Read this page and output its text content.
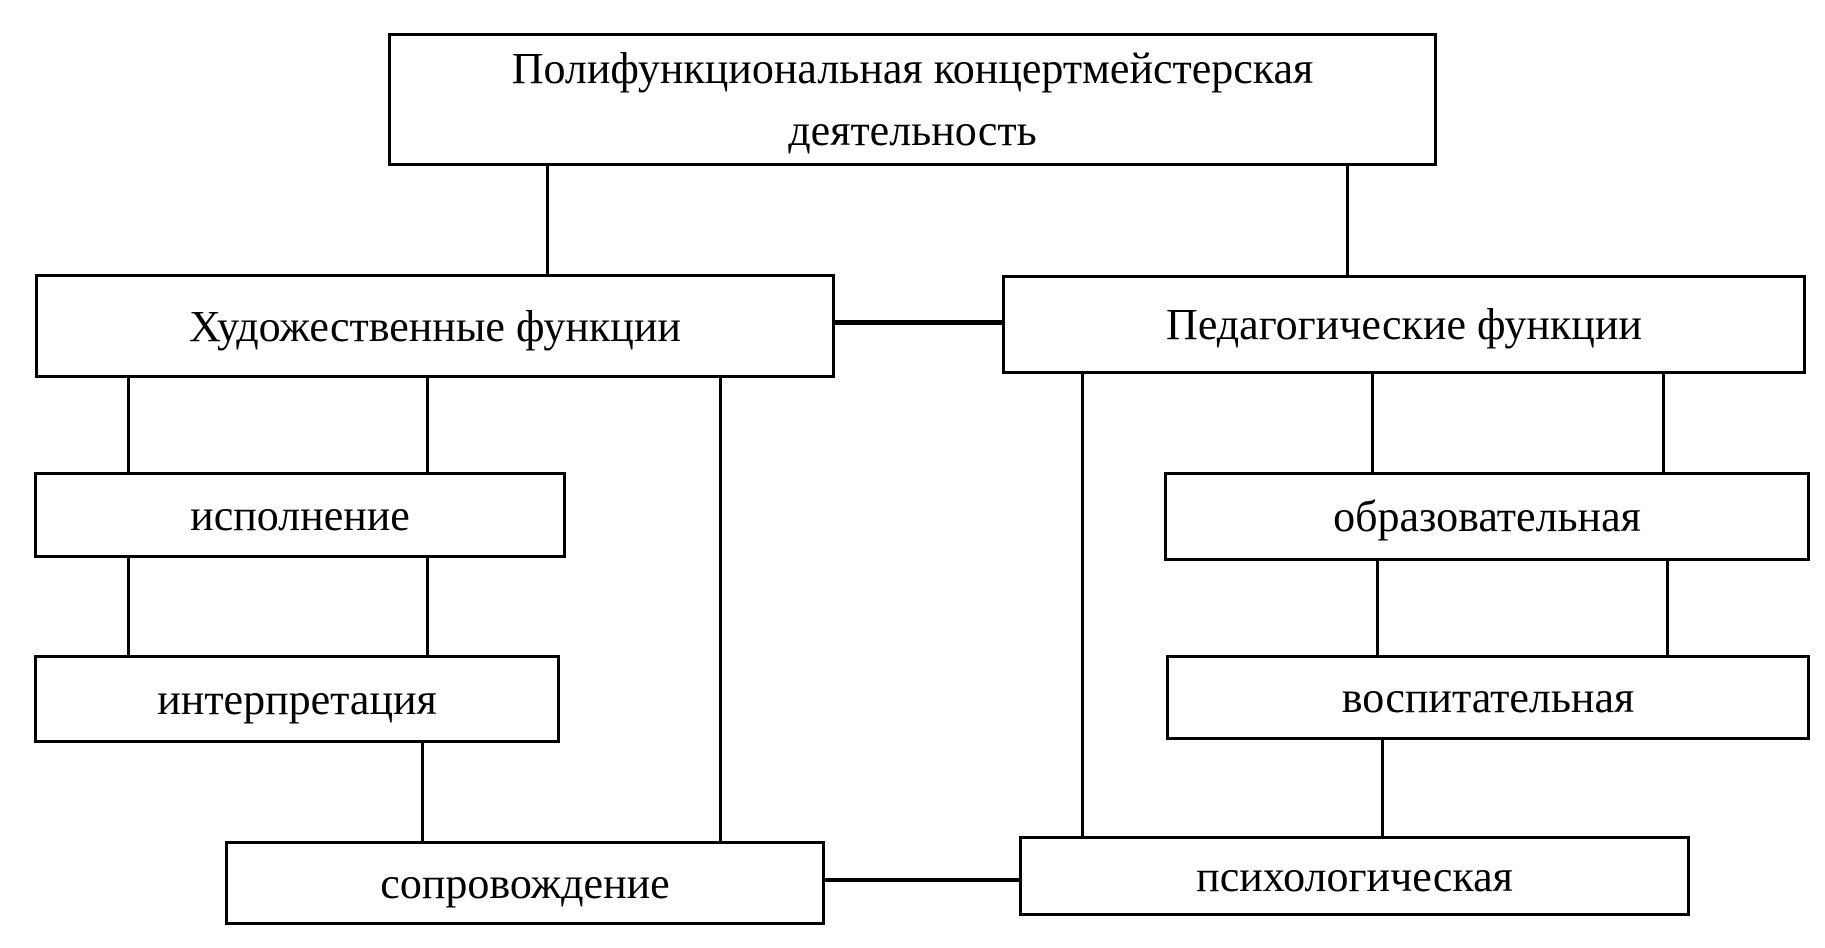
Полифункциональная концертмейстерская деятельность
Художественные функции	Педагогические функции
исполнение
интерпретация
сопровождение
образовательная
воспитательная
психологическая
